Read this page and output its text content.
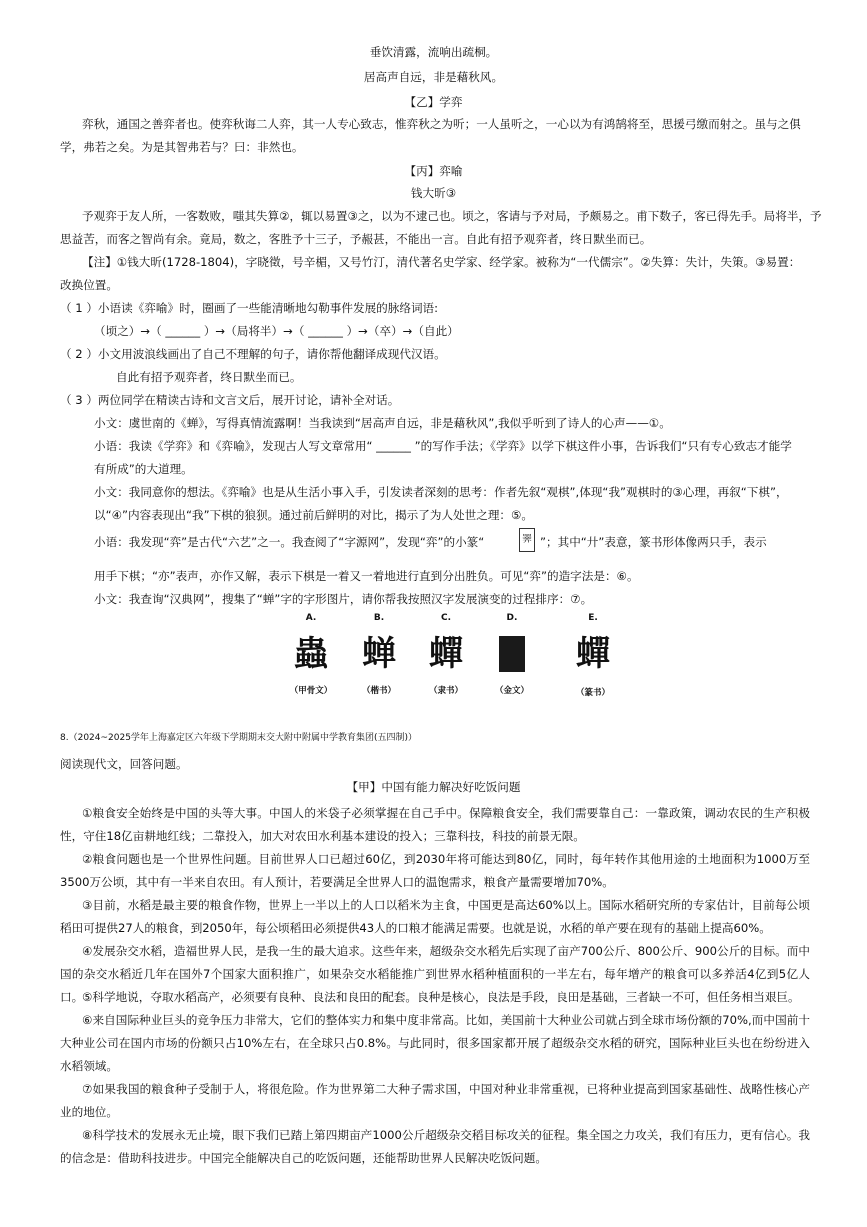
垂饮清露，流响出疏桐。
居高声自远，非是藉秋风。
【乙】学弈
弈秋，通国之善弈者也。使弈秋诲二人弈，其一人专心致志，惟弈秋之为听；一人虽听之，一心以为有鸿鹄将至，思援弓缴而射之。虽与之俱
学，弗若之矣。为是其智弗若与？曰：非然也。
【丙】弈喻
钱大昕③
予观弈于友人所，一客数败，嗤其失算②，辄以易置③之，以为不逮己也。顷之，客请与予对局，予颇易之。甫下数子，客已得先手。局将半，予
思益苦，而客之智尚有余。竟局，数之，客胜予十三子，予赧甚，不能出一言。自此有招予观弈者，终日默坐而已。
【注】①钱大昕(1728-1804)，字晓徵，号辛楣，又号竹汀，清代著名史学家、经学家。被称为“一代儒宗”。②失算：失计，失策。③易置：
改换位置。
（ 1 ）小语读《弈喻》时，圈画了一些能清晰地勾勒事件发展的脉络词语:
（顷之）→（ ______ ）→（局将半）→（ ______ ）→（卒）→（自此）
（ 2 ）小文用波浪线画出了自己不理解的句子，请你帮他翻译成现代汉语。
自此有招予观弈者，终日默坐而已。
（ 3 ）两位同学在精读古诗和文言文后，展开讨论，请补全对话。
小文：虞世南的《蝉》，写得真情流露啊！当我读到“居高声自远，非是藉秋风”,我似乎听到了诗人的心声——①。
小语：我读《学弈》和《弈喻》，发现古人写文章常用“ ______ ”的写作手法；《学弈》以学下棋这件小事，告诉我们“只有专心致志才能学
有所成”的大道理。
小文：我同意你的想法。《弈喻》也是从生活小事入手，引发读者深刻的思考：作者先叙“观棋”,体现“我”观棋时的③心理，再叙“下棋”，
以“④”内容表现出“我”下棋的狼狈。通过前后鲜明的对比，揭示了为人处世之理：⑤。
小语：我发现“弈”是古代“六艺”之一。我查阅了“字源网”，发现“弈”的小篆“	𢍰 ”；其中“廾”表意，篆书形体像两只手，表示
用手下棋；“亦”表声，亦作又解，表示下棋是一着又一着地进行直到分出胜负。可见“弈”的造字法是：⑥。
小文：我查询“汉典网”，搜集了“蝉”字的字形图片，请你帮我按照汉字发展演变的过程排序：⑦。
A.
蟲
（甲骨文）
B.
蝉
（楷书）
C.
蟬
（隶书）
D.
（金文）
E.
蟬
（篆书）
8.（2024~2025学年上海嘉定区六年级下学期期末交大附中附属中学教育集团(五四制)）
阅读现代文，回答问题。
【甲】中国有能力解决好吃饭问题
①粮食安全始终是中国的头等大事。中国人的米袋子必须掌握在自己手中。保障粮食安全，我们需要靠自己：一靠政策，调动农民的生产积极性，守住18亿亩耕地红线；二靠投入，加大对农田水利基本建设的投入；三靠科技，科技的前景无限。
②粮食问题也是一个世界性问题。目前世界人口已超过60亿，到2030年将可能达到80亿，同时，每年转作其他用途的土地面积为1000万至3500万公顷，其中有一半来自农田。有人预计，若要满足全世界人口的温饱需求，粮食产量需要增加70%。
③目前，水稻是最主要的粮食作物，世界上一半以上的人口以稻米为主食，中国更是高达60%以上。国际水稻研究所的专家估计，目前每公顷稻田可提供27人的粮食，到2050年，每公顷稻田必须提供43人的口粮才能满足需要。也就是说，水稻的单产要在现有的基础上提高60%。
④发展杂交水稻，造福世界人民，是我一生的最大追求。这些年来，超级杂交水稻先后实现了亩产700公斤、800公斤、900公斤的目标。而中国的杂交水稻近几年在国外7个国家大面积推广，如果杂交水稻能推广到世界水稻种植面积的一半左右，每年增产的粮食可以多养活4亿到5亿人口。
⑤科学地说，夺取水稻高产，必须要有良种、良法和良田的配套。良种是核心，良法是手段，良田是基础，三者缺一不可，但任务相当艰巨。
⑥来自国际种业巨头的竞争压力非常大，它们的整体实力和集中度非常高。比如，美国前十大种业公司就占到全球市场份额的70%,而中国前十大种业公司在国内市场的份额只占10%左右，在全球只占0.8%。与此同时，很多国家都开展了超级杂交水稻的研究，国际种业巨头也在纷纷进入水稻领域。
⑦如果我国的粮食种子受制于人，将很危险。作为世界第二大种子需求国，中国对种业非常重视，已将种业提高到国家基础性、战略性核心产业的地位。
⑧科学技术的发展永无止境，眼下我们已踏上第四期亩产1000公斤超级杂交稻目标攻关的征程。集全国之力攻关，我们有压力，更有信心。我的信念是：借助科技进步。中国完全能解决自己的吃饭问题，还能帮助世界人民解决吃饭问题。
